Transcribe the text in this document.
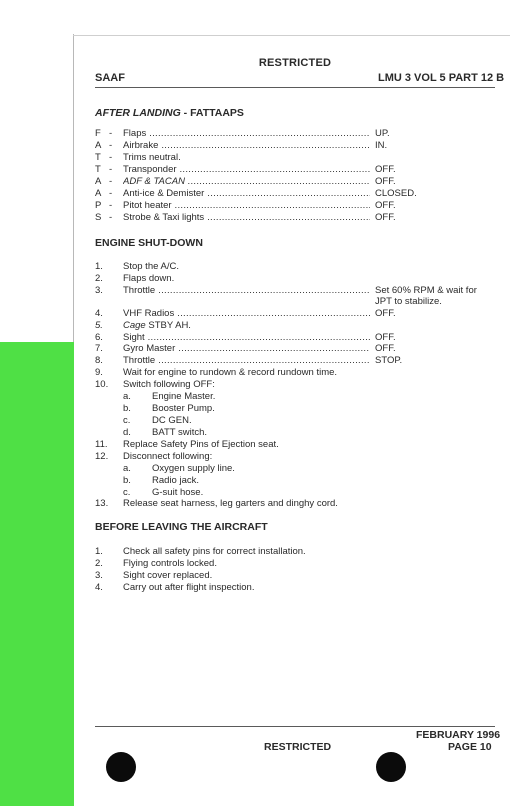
RESTRICTED
SAAF	LMU 3 VOL 5 PART 12 B
AFTER LANDING - FATTAAPS
F - Flaps .....	UP.
A - Airbrake .....	IN.
T - Trims neutral.
T - Transponder .....	OFF.
A - ADF & TACAN .....	OFF.
A - Anti-ice & Demister .....	CLOSED.
P - Pitot heater .....	OFF.
S - Strobe & Taxi lights .....	OFF.
ENGINE SHUT-DOWN
1. Stop the A/C.
2. Flaps down.
3. Throttle .....	Set 60% RPM & wait for
JPT to stabilize.
4. VHF Radios .....	OFF.
5. Cage STBY AH.
6. Sight .....	OFF.
7. Gyro Master .....	OFF.
8. Throttle .....	STOP.
9. Wait for engine to rundown & record rundown time.
10. Switch following OFF:
a. Engine Master.
b. Booster Pump.
c. DC GEN.
d. BATT switch.
11. Replace Safety Pins of Ejection seat.
12. Disconnect following:
a. Oxygen supply line.
b. Radio jack.
c. G-suit hose.
13. Release seat harness, leg garters and dinghy cord.
BEFORE LEAVING THE AIRCRAFT
1. Check all safety pins for correct installation.
2. Flying controls locked.
3. Sight cover replaced.
4. Carry out after flight inspection.
FEBRUARY 1996
PAGE 10
RESTRICTED
